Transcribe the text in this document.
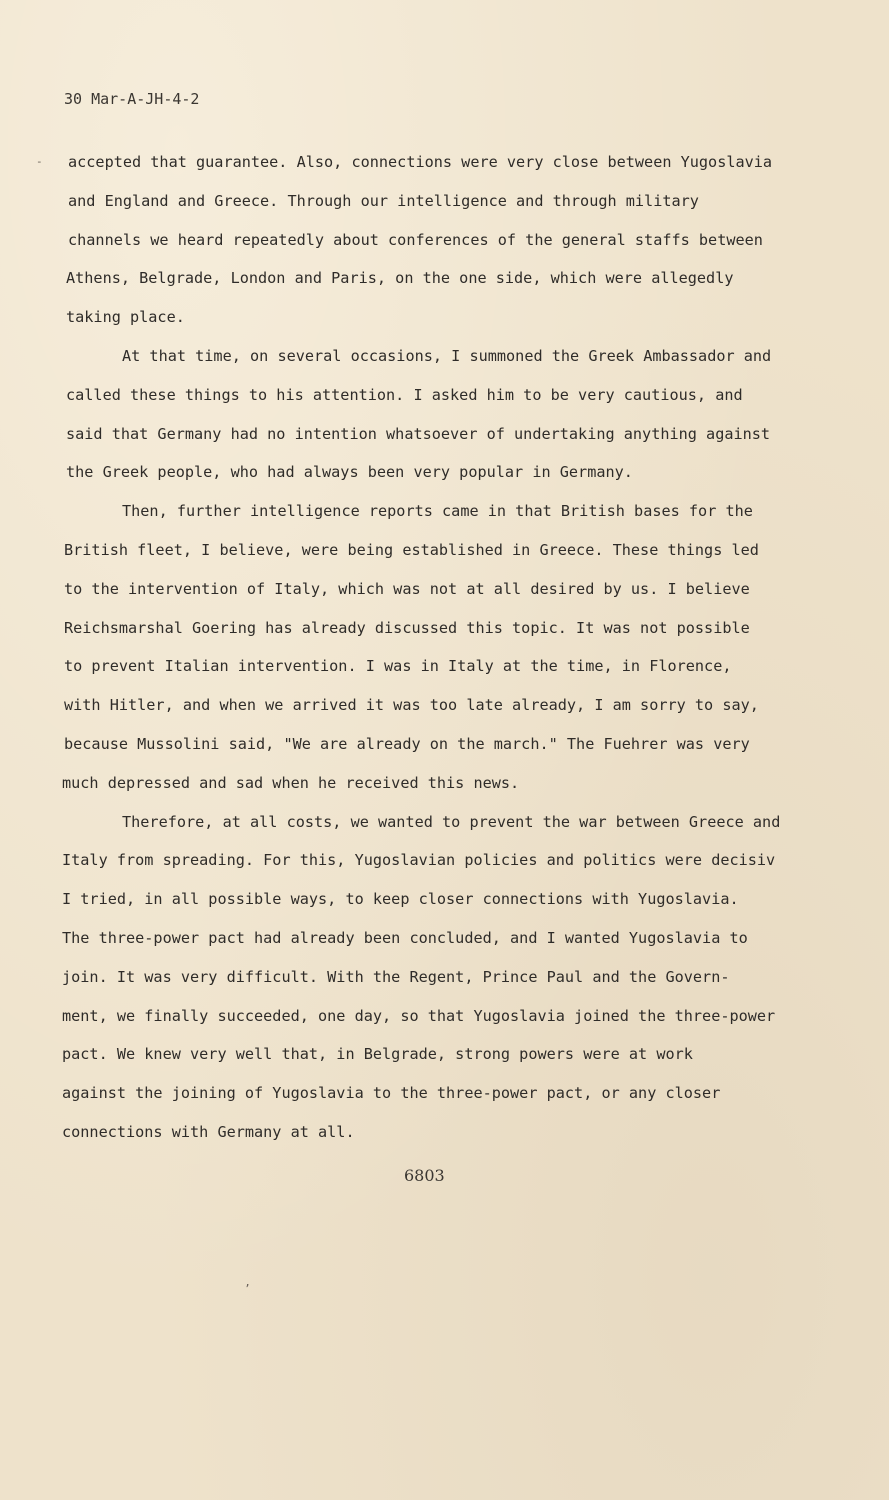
30 Mar-A-JH-4-2
-	accepted that guarantee. Also, connections were very close between Yugoslavia
and England and Greece. Through our intelligence and through military
channels we heard repeatedly about conferences of the general staffs between
Athens, Belgrade, London and Paris, on the one side, which were allegedly
taking place.
At that time, on several occasions, I summoned the Greek Ambassador and
called these things to his attention. I asked him to be very cautious, and
said that Germany had no intention whatsoever of undertaking anything against
the Greek people, who had always been very popular in Germany.
Then, further intelligence reports came in that British bases for the
British fleet, I believe, were being established in Greece. These things led
to the intervention of Italy, which was not at all desired by us. I believe
Reichsmarshal Goering has already discussed this topic. It was not possible
to prevent Italian intervention. I was in Italy at the time, in Florence,
with Hitler, and when we arrived it was too late already, I am sorry to say,
because Mussolini said, "We are already on the march." The Fuehrer was very
much depressed and sad when he received this news.
Therefore, at all costs, we wanted to prevent the war between Greece and
Italy from spreading. For this, Yugoslavian policies and politics were decisiv
I tried, in all possible ways, to keep closer connections with Yugoslavia.
The three-power pact had already been concluded, and I wanted Yugoslavia to
join. It was very difficult. With the Regent, Prince Paul and the Govern-
ment, we finally succeeded, one day, so that Yugoslavia joined the three-power
pact. We knew very well that, in Belgrade, strong powers were at work
against the joining of Yugoslavia to the three-power pact, or any closer
connections with Germany at all.
6803
’
